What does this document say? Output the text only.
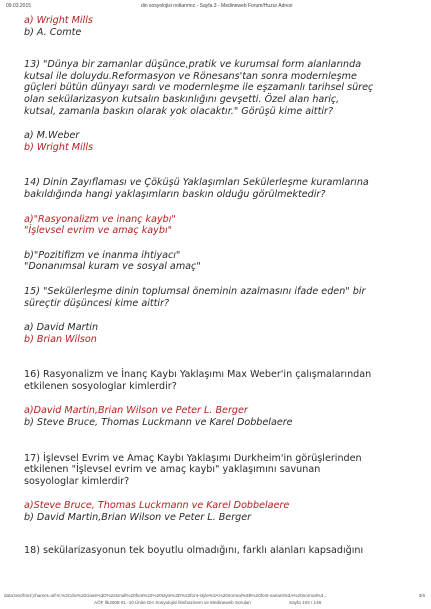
09.03.2015	din sosyolojisi notlarımız - Sayfa 3 - Medineweb Forum/Huzur Adresi
a) Wright Mills
b) A. Comte
13) "Dünya bir zamanlar düşünce,pratik ve kurumsal form alanlarında
kutsal ile doluydu.Reformasyon ve Rönesans'tan sonra modernleşme
güçleri bütün dünyayı sardı ve modernleşme ile eşzamanlı tarihsel süreç
olan sekülarizasyon kutsalın baskınlığını gevşetti. Özel alan hariç,
kutsal, zamanla baskın olarak yok olacaktır." Görüşü kime aittir?
a) M.Weber
b) Wright Mills
14) Dinin Zayıflaması ve Çöküşü Yaklaşımları Sekülerleşme kuramlarına
bakıldığında hangi yaklaşımların baskın olduğu görülmektedir?
a)"Rasyonalizm ve inanç kaybı"
"İşlevsel evrim ve amaç kaybı"
b)"Pozitifizm ve inanma ihtiyacı"
"Donanımsal kuram ve sosyal amaç"
15) "Sekülerleşme dinin toplumsal öneminin azalmasını ifade eden" bir
süreçtir düşüncesi kime aittir?
a) David Martin
b) Brian Wilson
16) Rasyonalizm ve İnanç Kaybı Yaklaşımı Max Weber'in çalışmalarından
etkilenen sosyologlar kimlerdir?
a)David Martin,Brian Wilson ve Peter L. Berger
b) Steve Bruce, Thomas Luckmann ve Karel Dobbelaere
17) İşlevsel Evrim ve Amaç Kaybı Yaklaşımı Durkheim'in görüşlerinden
etkilenen "İşlevsel evrim ve amaç kaybı" yaklaşımını savunan
sosyologlar kimlerdir?
a)Steve Bruce, Thomas Luckmann ve Karel Dobbelaere
b) David Martin,Brian Wilson ve Peter L. Berger
18) sekülarizasyonun tek boyutlu olmadığını, farklı alanları kapsadığını
data:text/html;charset=utf-8,%3Cdiv%20class%3D%22small%20font%22%20style%3D%22font-style%3A%20normal%3B%20font-variant%3A%20normal%3...	3/6
AÖF İlk2008 01.-10.Ünite Din Sosyolojisi İlmihazinem ve Medineweb Soruları	Sayfa 103 / 148
